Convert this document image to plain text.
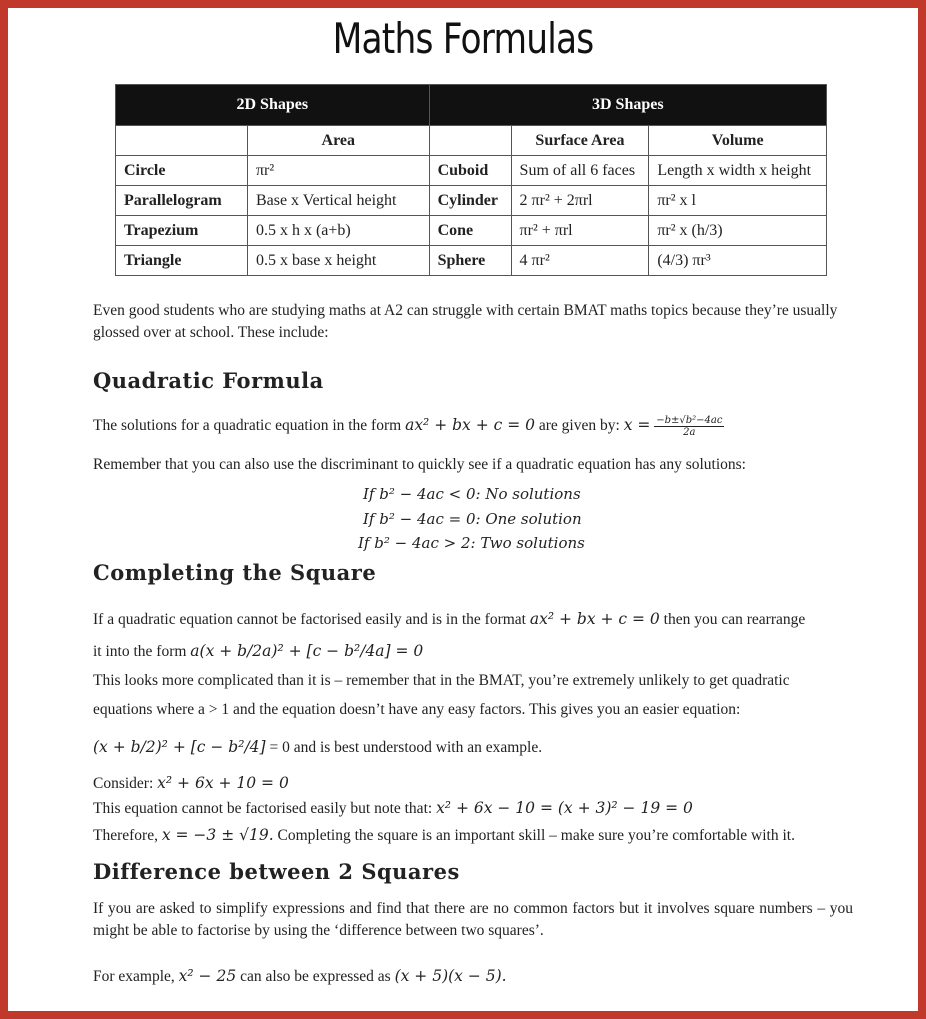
Maths Formulas
2D Shapes		3D Shapes		
	Area		Surface Area	Volume
Circle	πr²	Cuboid	Sum of all 6 faces	Length x width x height
Parallelogram	Base x Vertical height	Cylinder	2 πr² + 2πrl	πr² x l
Trapezium	0.5 x h x (a+b)	Cone	πr² + πrl	πr² x (h/3)
Triangle	0.5 x base x height	Sphere	4 πr²	(4/3) πr³
Even good students who are studying maths at A2 can struggle with certain BMAT maths topics because they’re usually glossed over at school. These include:
Quadratic Formula
The solutions for a quadratic equation in the form ax² + bx + c = 0 are given by: $x = \frac{\text{−b±√b²−4ac}}{2a}$
Remember that you can also use the discriminant to quickly see if a quadratic equation has any solutions:
If b² − 4ac < 0: No solutions
If b² − 4ac = 0: One solution
If b² − 4ac > 2: Two solutions
Completing the Square
If a quadratic equation cannot be factorised easily and is in the format ax² + bx + c = 0 then you can rearrange
it into the form a(x + b/2a)² + [c − b²/4a] = 0
This looks more complicated than it is – remember that in the BMAT, you’re extremely unlikely to get quadratic
equations where a > 1 and the equation doesn’t have any easy factors. This gives you an easier equation:
(x + b/2)² + [c − b²/4] = 0 and is best understood with an example.
Consider: x² + 6x + 10 = 0
This equation cannot be factorised easily but note that: x² + 6x − 10 = (x + 3)² − 19 = 0
Therefore, x = −3 ± √19. Completing the square is an important skill – make sure you’re comfortable with it.
Difference between 2 Squares
If you are asked to simplify expressions and find that there are no common factors but it involves square numbers – you might be able to factorise by using the ‘difference between two squares’.
For example, x² − 25 can also be expressed as (x + 5)(x − 5).
